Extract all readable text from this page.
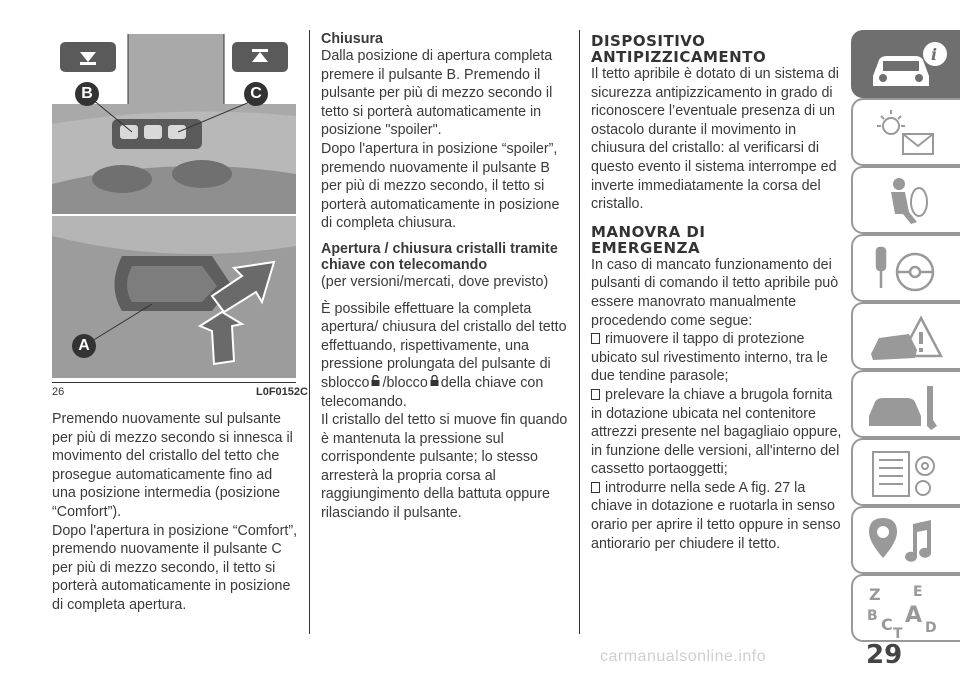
B	C
A
26	L0F0152C

Premendo nuovamente sul pulsante per più di mezzo secondo si innesca il movimento del cristallo del tetto che prosegue automaticamente fino ad una posizione intermedia (posizione “Comfort”).

Dopo l'apertura in posizione “Comfort”, premendo nuovamente il pulsante C per più di mezzo secondo, il tetto si porterà automaticamente in posizione di completa apertura.

Chiusura

Dalla posizione di apertura completa premere il pulsante B. Premendo il pulsante per più di mezzo secondo il tetto si porterà automaticamente in posizione "spoiler".

Dopo l'apertura in posizione “spoiler”, premendo nuovamente il pulsante B per più di mezzo secondo, il tetto si porterà automaticamente in posizione di completa chiusura.

Apertura / chiusura cristalli tramite chiave con telecomando

(per versioni/mercati, dove previsto)

È possibile effettuare la completa apertura/ chiusura del cristallo del tetto effettuando, rispettivamente, una pressione prolungata del pulsante di sblocco /blocco della chiave con telecomando.

Il cristallo del tetto si muove fin quando è mantenuta la pressione sul corrispondente pulsante; lo stesso arresterà la propria corsa al raggiungimento della battuta oppure rilasciando il pulsante.

DISPOSITIVO
ANTIPIZZICAMENTO

Il tetto apribile è dotato di un sistema di sicurezza antipizzicamento in grado di riconoscere l’eventuale presenza di un ostacolo durante il movimento in chiusura del cristallo: al verificarsi di questo evento il sistema interrompe ed inverte immediatamente la corsa del cristallo.

MANOVRA DI
EMERGENZA

In caso di mancato funzionamento dei pulsanti di comando il tetto apribile può essere manovrato manualmente procedendo come segue:

rimuovere il tappo di protezione ubicato sul rivestimento interno, tra le due tendine parasole;

prelevare la chiave a brugola fornita in dotazione ubicata nel contenitore attrezzi presente nel bagagliaio oppure, in funzione delle versioni, all'interno del cassetto portaoggetti;

introdurre nella sede A fig. 27 la chiave in dotazione e ruotarla in senso orario per aprire il tetto oppure in senso antiorario per chiudere il tetto.

i
Z E
B A
C T D
29
carmanualsonline.info
